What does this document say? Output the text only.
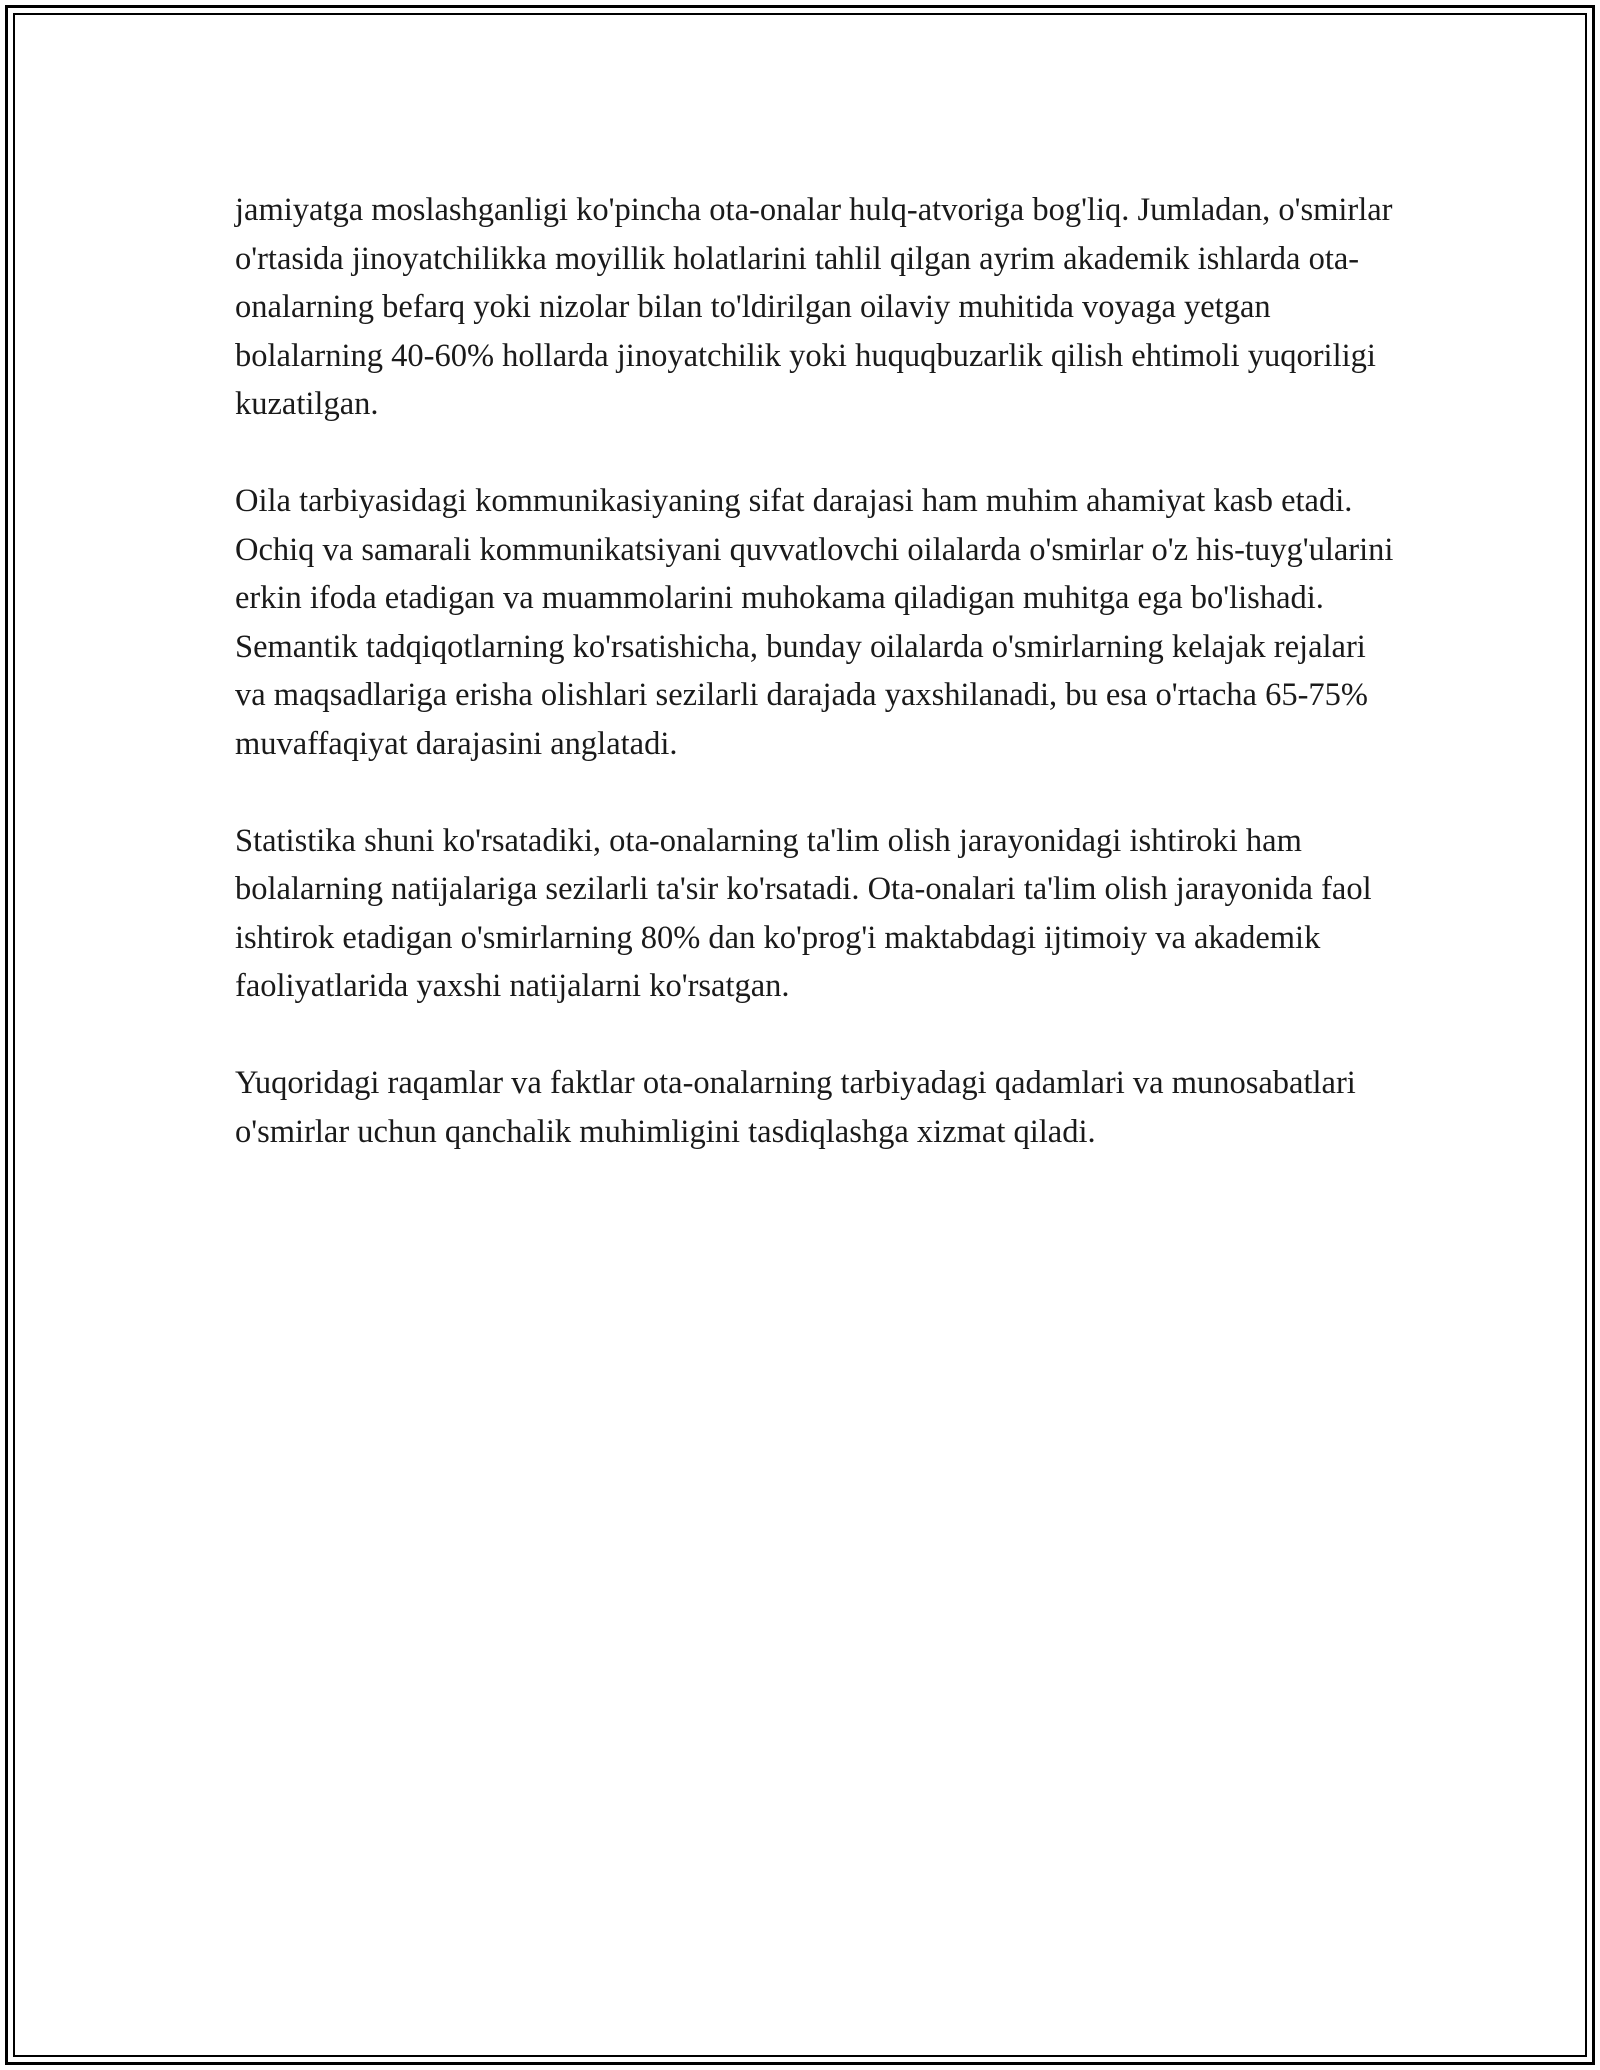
jamiyatga moslashganligi ko'pincha ota-onalar hulq-atvoriga bog'liq. Jumladan, o'smirlar o'rtasida jinoyatchilikka moyillik holatlarini tahlil qilgan ayrim akademik ishlarda ota-onalarning befarq yoki nizolar bilan to'ldirilgan oilaviy muhitida voyaga yetgan bolalarning 40-60% hollarda jinoyatchilik yoki huquqbuzarlik qilish ehtimoli yuqoriligi kuzatilgan.

Oila tarbiyasidagi kommunikasiyaning sifat darajasi ham muhim ahamiyat kasb etadi. Ochiq va samarali kommunikatsiyani quvvatlovchi oilalarda o'smirlar o'z his-tuyg'ularini erkin ifoda etadigan va muammolarini muhokama qiladigan muhitga ega bo'lishadi. Semantik tadqiqotlarning ko'rsatishicha, bunday oilalarda o'smirlarning kelajak rejalari va maqsadlariga erisha olishlari sezilarli darajada yaxshilanadi, bu esa o'rtacha 65-75% muvaffaqiyat darajasini anglatadi.

Statistika shuni ko'rsatadiki, ota-onalarning ta'lim olish jarayonidagi ishtiroki ham bolalarning natijalariga sezilarli ta'sir ko'rsatadi. Ota-onalari ta'lim olish jarayonida faol ishtirok etadigan o'smirlarning 80% dan ko'prog'i maktabdagi ijtimoiy va akademik faoliyatlarida yaxshi natijalarni ko'rsatgan.

Yuqoridagi raqamlar va faktlar ota-onalarning tarbiyadagi qadamlari va munosabatlari o'smirlar uchun qanchalik muhimligini tasdiqlashga xizmat qiladi.
